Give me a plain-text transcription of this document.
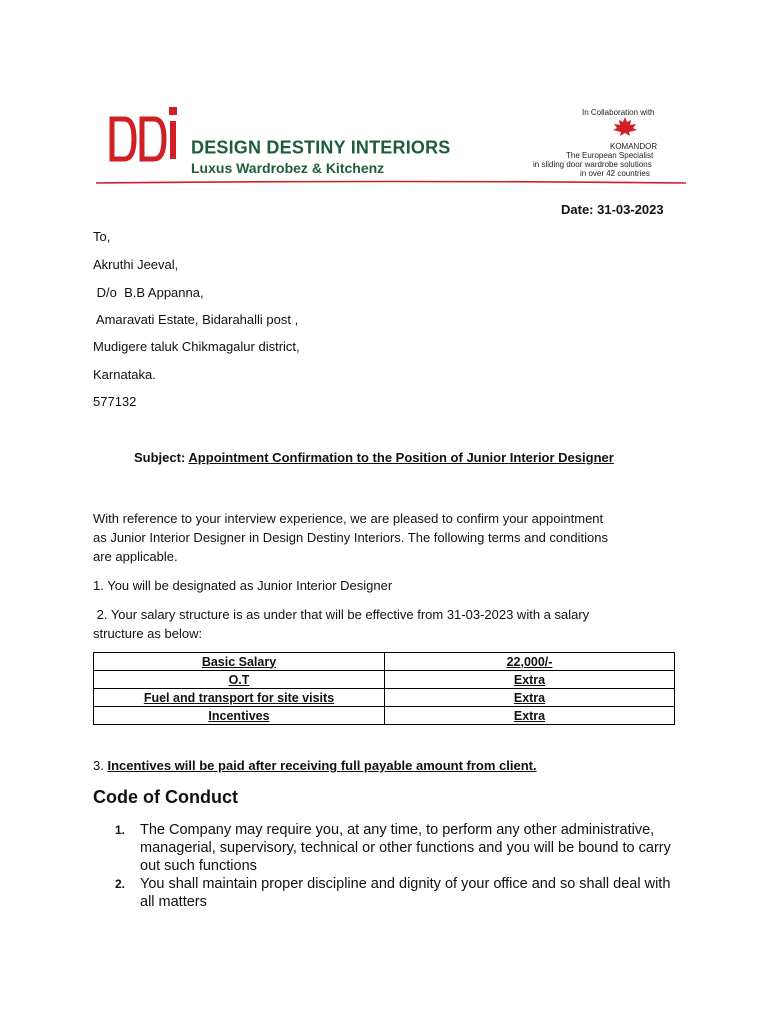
DESIGN DESTINY INTERIORS
Luxus Wardrobez & Kitchenz
In Collaboration with
KOMANDOR
The European Specialist
in sliding door wardrobe solutions
in over 42 countries
Date: 31-03-2023
To,
Akruthi Jeeval,
D/o  B.B Appanna,
Amaravati Estate, Bidarahalli post ,
Mudigere taluk Chikmagalur district,
Karnataka.
577132
Subject: Appointment Confirmation to the Position of Junior Interior Designer
With reference to your interview experience, we are pleased to confirm your appointment
as Junior Interior Designer in Design Destiny Interiors. The following terms and conditions
are applicable.
1. You will be designated as Junior Interior Designer
2. Your salary structure is as under that will be effective from 31-03-2023 with a salary
structure as below:
Basic Salary	22,000/-
O.T	Extra
Fuel and transport for site visits	Extra
Incentives	Extra
3. Incentives will be paid after receiving full payable amount from client.
Code of Conduct
1. The Company may require you, at any time, to perform any other administrative, managerial, supervisory, technical or other functions and you will be bound to carry out such functions
2. You shall maintain proper discipline and dignity of your office and so shall deal with all matters
